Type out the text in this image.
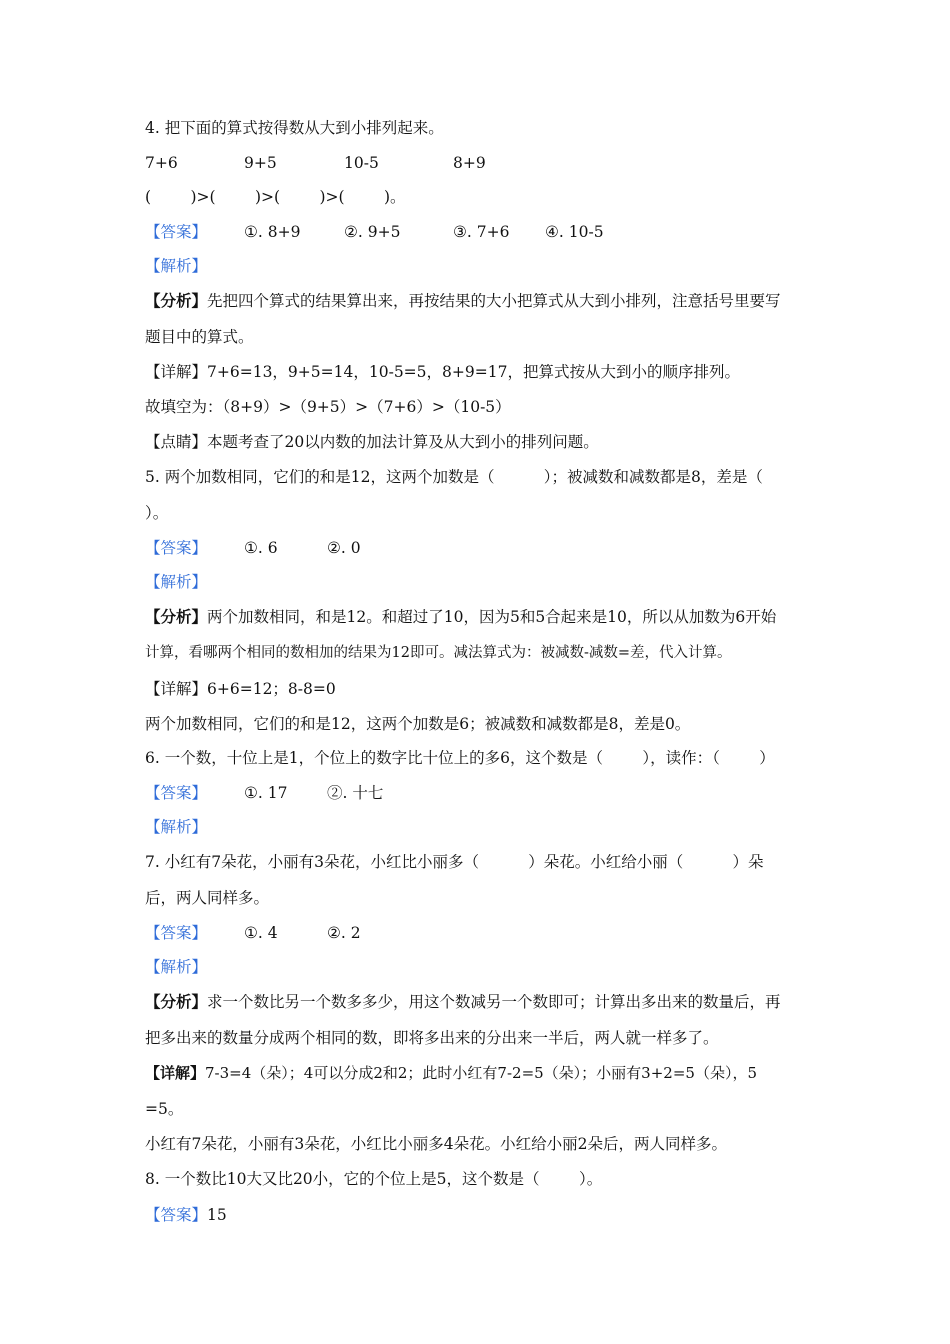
4. 把下面的算式按得数从大到小排列起来。

7+6

	9+5

	10-5

	8+9

(        )>(        )>(        )>(        )。

【答案】

①. 8+9

	②. 9+5

	③. 7+6

④. 10-5

【解析】
【分析】先把四个算式的结果算出来，再按结果的大小把算式从大到小排列，注意括号里要写
题目中的算式。
【详解】7+6=13，9+5=14，10-5=5，8+9=17，把算式按从大到小的顺序排列。
故填空为：（8+9）>（9+5）>（7+6）>（10-5）
【点睛】本题考查了20以内数的加法计算及从大到小的排列问题。
5. 两个加数相同，它们的和是12，这两个加数是（          ）；被减数和减数都是8，差是（
）。

【答案】

①. 6

	②. 0

【解析】
【分析】两个加数相同，和是12。和超过了10，因为5和5合起来是10，所以从加数为6开始
计算，看哪两个相同的数相加的结果为12即可。减法算式为：被减数-减数=差，代入计算。
【详解】6+6=12；8-8=0
两个加数相同，它们的和是12，这两个加数是6；被减数和减数都是8，差是0。
6. 一个数，十位上是1，个位上的数字比十位上的多6，这个数是（        ），读作：（        ）

【答案】

①. 17

	②. 十七

【解析】
7. 小红有7朵花，小丽有3朵花，小红比小丽多（          ）朵花。小红给小丽（          ）朵
后，两人同样多。

【答案】

①. 4

	②. 2

【解析】
【分析】求一个数比另一个数多多少，用这个数减另一个数即可；计算出多出来的数量后，再
把多出来的数量分成两个相同的数，即将多出来的分出来一半后，两人就一样多了。
【详解】7-3=4（朵）；4可以分成2和2；此时小红有7-2=5（朵）；小丽有3+2=5（朵），5
=5。
小红有7朵花，小丽有3朵花，小红比小丽多4朵花。小红给小丽2朵后，两人同样多。
8. 一个数比10大又比20小，它的个位上是5，这个数是（        ）。
【答案】15
